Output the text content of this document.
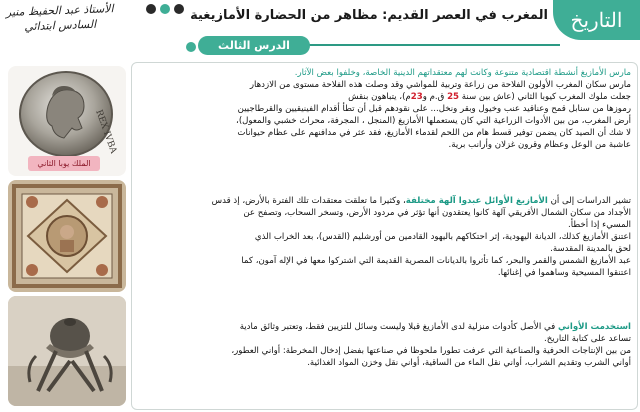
التاريخ
المغرب في العصر القديم: مظاهر من الحضارة الأمازيغية
الأستاذ عبد الحفيظ منير
السادس ابتدائي
الدرس الثالث
REX IVBA
الملك يوبا الثاني
مارس الأمازيغ أنشطة اقتصادية متنوعة وكانت لهم معتقداتهم الدينية الخاصة، وخلفوا بعض الآثار.
مارس سكان المغرب الأولون الفلاحة من زراعة وتربية للمواشي وقد وصلت هذه الفلاحة مستوى من الازدهار
جعلت ملوك المغرب كيوبا الثاني (عاش بين سنة 25 ق.م و23م)، يتباهون بنقش
رموزها من سنابل قمح وعناقيد عنب وخيول وبقر ونخل... على نقودهم قبل أن تطأ أقدام الفينيقيين والقرطاجيين
أرض المغرب، من بين الأدوات الزراعية التي كان يستعملها الأمازيغ (المنجل ، المجرفة، محراث خشبي والمعول)،
لا شك أن الصيد كان يضمن توفير قسط هام من اللحم لقدماء الأمازيغ، فقد عثر في مدافنهم على عظام حيوانات
عاشبة من الوعل وعظام وقرون غزلان وأرانب برية.
تشير الدراسات إلى أن الأمازيغ الأوائل عبدوا آلهة مختلفة، وكثيرا ما تعلقت معتقدات تلك الفترة بالأرض، إذ قدس
الأجداد من سكان الشمال الأفريقي آلهة كانوا يعتقدون أنها تؤثر في مردود الأرض، وتسخر السحاب، وتصفح عن
المسيء إذا أخطأ.
اعتنق الأمازيغ كذلك، الديانة اليهودية، إثر احتكاكهم باليهود القادمين من أورشليم (القدس)، بعد الخراب الذي
لحق بالمدينة المقدسة.
عبد الأمازيغ الشمس والقمر والبحر، كما تأثروا بالديانات المصرية القديمة التي اشتركوا معها في الإله آمون، كما
اعتنقوا المسيحية وساهموا في إغنائها.
استخدمت الأواني في الأصل كأدوات منزلية لدى الأمازيغ قبلا وليست وسائل للتزيين فقط، وتعتبر وثائق مادية
تساعد على كتابة التاريخ.
من بين الإنتاجات الحرفية والصناعية التي عرفت تطورا ملحوظا في صناعتها بفضل إدخال المخرطة: أواني العطور،
أواني الشرب وتقديم الشراب، أواني نقل الماء من الساقية، أواني نقل وخزن المواد الغذائية.
